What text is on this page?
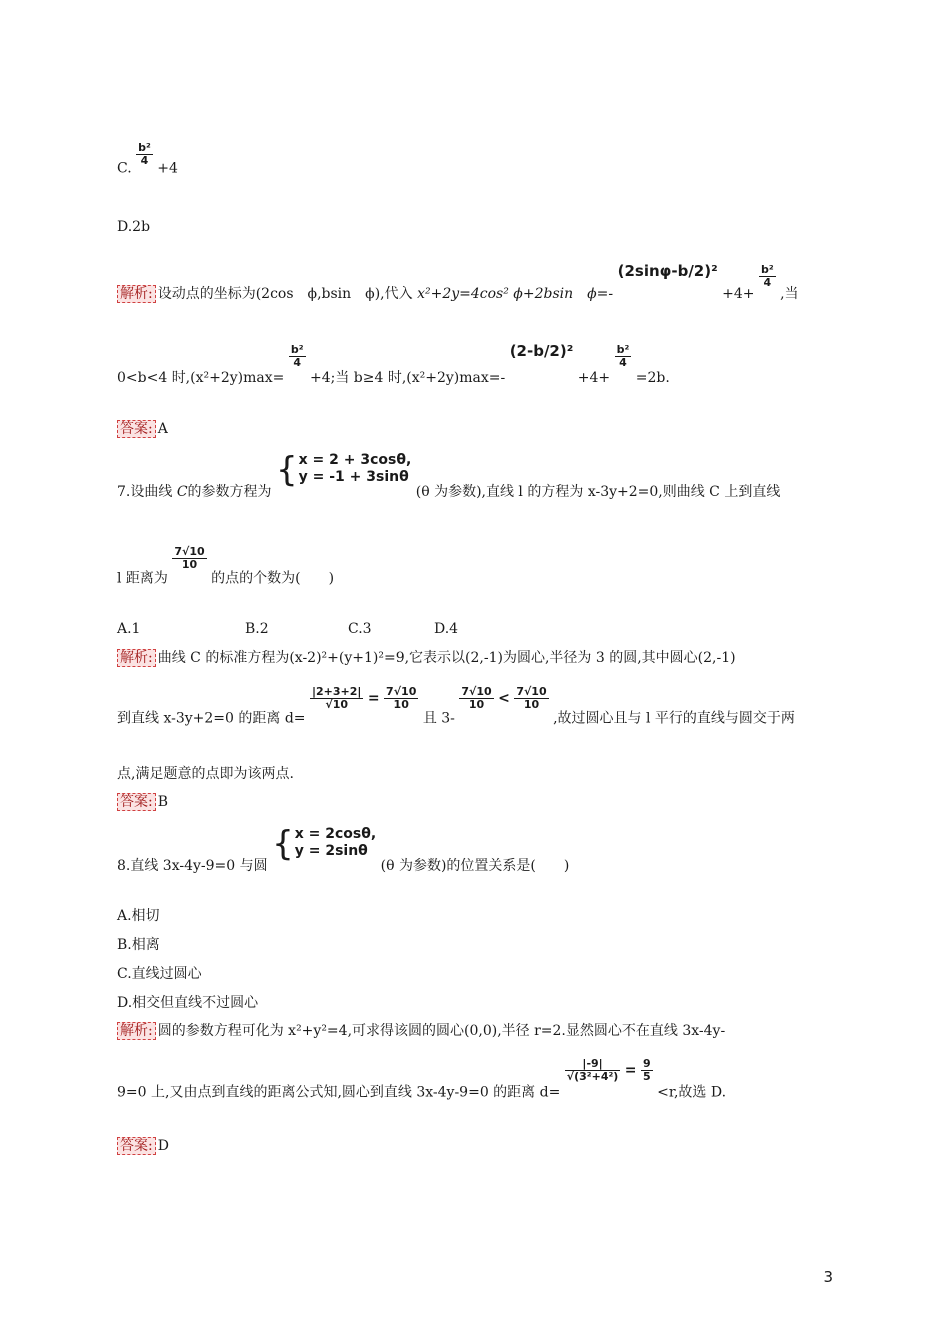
C.
$\frac{\text{b²}}{4}$
+4
D.2b
解析: 设动点的坐标为(2cos　ϕ,bsin　ϕ),代入 x²+2y=4cos² ϕ+2bsin　ϕ=- (2sinφ-b/2)² +4+
$\frac{\text{b²}}{4}$
,当
0<b<4 时,(x²+2y)max=
$\frac{\text{b²}}{4}$
+4;当 b≥4 时,(x²+2y)max=- (2-b/2)² +4+
$\frac{\text{b²}}{4}$
=2b.
答案: A
7.设曲线 C的参数方程为
{ x = 2 + 3cosθ,
y = -1 + 3sinθ
(θ 为参数),直线 l 的方程为 x-3y+2=0,则曲线 C 上到直线
l 距离为
$\frac{7√10}{10}$
的点的个数为(　　)
A.1	B.2	C.3	D.4
解析: 曲线 C 的标准方程为(x-2)²+(y+1)²=9,它表示以(2,-1)为圆心,半径为 3 的圆,其中圆心(2,-1)
到直线 x-3y+2=0 的距离 d=
$\frac{|2+3+2|}{√10} = \frac{7√10}{10}$
且 3-
$\frac{7√10}{10} < \frac{7√10}{10}$
,故过圆心且与 l 平行的直线与圆交于两
点,满足题意的点即为该两点.
答案: B
8.直线 3x-4y-9=0 与圆
{ x = 2cosθ,
y = 2sinθ
(θ 为参数)的位置关系是(　　)
A.相切
B.相离
C.直线过圆心
D.相交但直线不过圆心
解析: 圆的参数方程可化为 x²+y²=4,可求得该圆的圆心(0,0),半径 r=2.显然圆心不在直线 3x-4y-
9=0 上,又由点到直线的距离公式知,圆心到直线 3x-4y-9=0 的距离 d=
$\frac{|-9|}{\text{√(3²+4²)}} = \frac{9}{5}$
<r,故选 D.
答案: D
3
